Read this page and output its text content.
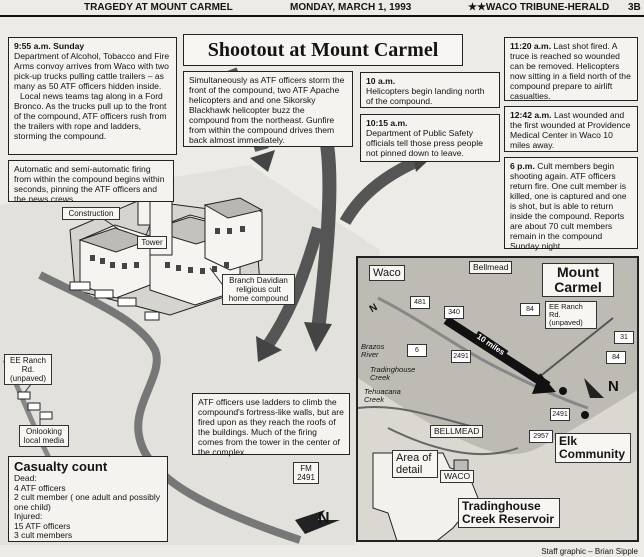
TRAGEDY AT MOUNT CARMEL	MONDAY, MARCH 1, 1993	★★WACO TRIBUNE-HERALD 3B
Shootout at Mount Carmel
9:55 a.m. Sunday
Department of Alcohol, Tobacco and Fire Arms convoy arrives from Waco with two pick-up trucks pulling cattle trailers – as many as 50 ATF officers hidden inside.
Local news teams tag along in a Ford Bronco. As the trucks pull up to the front of the compound, ATF officers rush from the trailers with rope and ladders, storming the compound.
Automatic and semi-automatic firing from within the compound begins within seconds, pinning the ATF officers and the news crews.
Simultaneously as ATF officers storm the front of the compound, two ATF Apache helicopters and and one Sikorsky Blackhawk helicopter buzz the compound from the northeast. Gunfire from within the compound drives them back almost immediately.
10 a.m.
Helicopters begin landing north of the compound.
10:15 a.m.
Department of Public Safety officials tell those press people not pinned down to leave.
11:20 a.m. Last shot fired. A truce is reached so wounded can be removed. Helicopters now sitting in a field north of the compound prepare to airlift casualties.
12:42 a.m. Last wounded and the first wounded at Providence Medical Center in Waco 10 miles away.
6 p.m. Cult members begin shooting again. ATF officers return fire. One cult member is killed, one is captured and one is shot, but is able to return inside the compound. Reports are about 70 cult members remain in the compound Sunday night.
ATF officers use ladders to climb the compound's fortress-like walls, but are fired upon as they reach the roofs of the buildings. Much of the firing comes from the tower in the center of the complex.
Construction
Tower
Branch Davidian religious cult home compound
EE Ranch Rd. (unpaved)
Onlooking local media
FM 2491
Casualty count
Dead:
4 ATF officers
2 cult member ( one adult and possibly one child)
Injured:
15 ATF officers
3 cult members
Waco	Bellmead	Mount Carmel
EE Ranch Rd. (unpaved)
Brazos River
Tradinghouse Creek
Tehuacana Creek
10 miles
BELLMEAD
Area of detail	WACO
Elk Community
Tradinghouse Creek Reservoir
481
340	84
6
2491
31
84
2491
2957
N
N
N
Staff graphic – Brian Sipple
